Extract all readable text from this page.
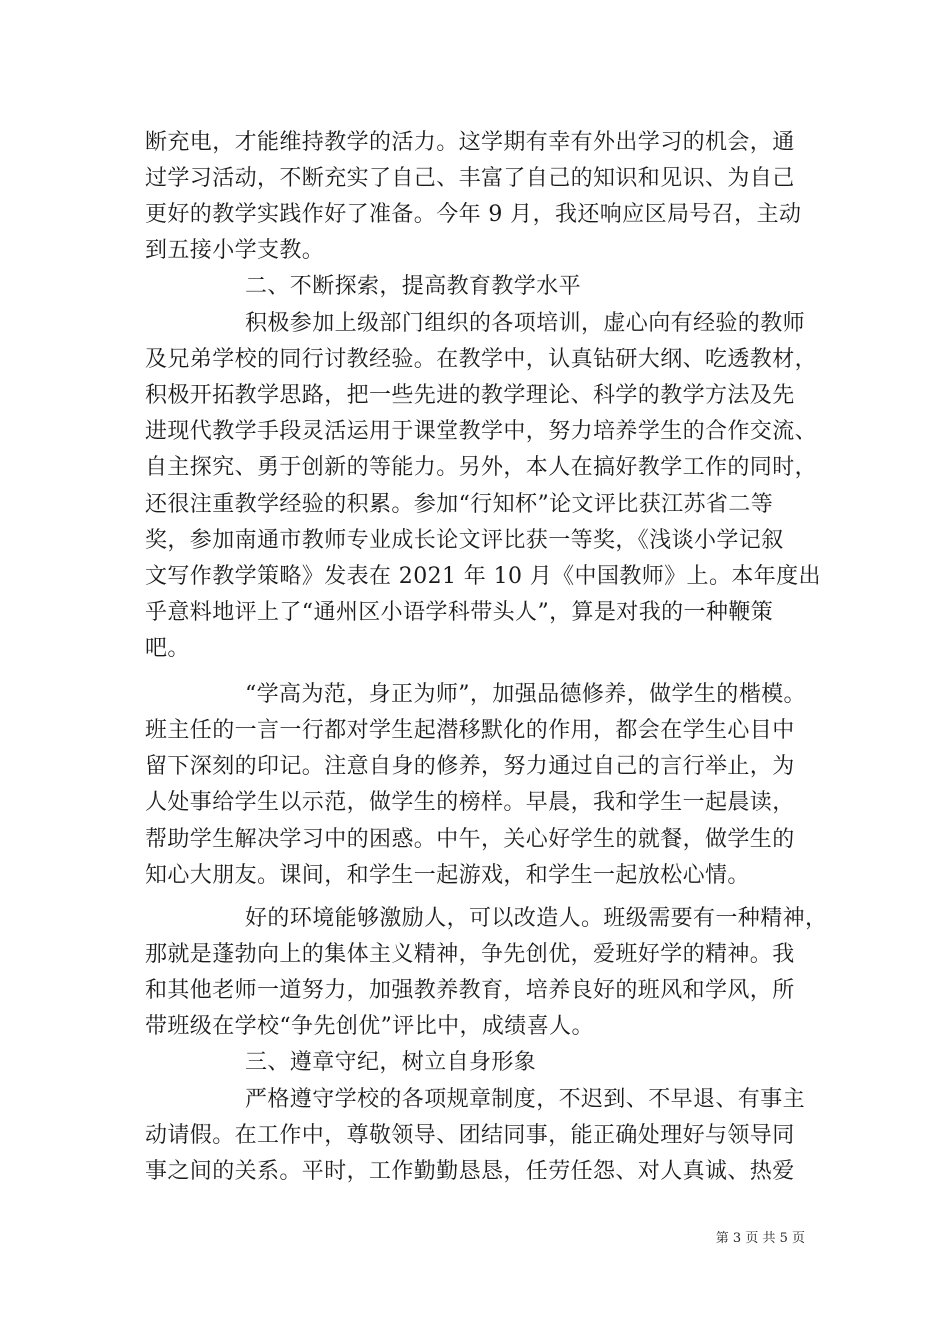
断充电，才能维持教学的活力。这学期有幸有外出学习的机会，通
过学习活动，不断充实了自己、丰富了自己的知识和见识、为自己
更好的教学实践作好了准备。今年 9 月，我还响应区局号召，主动
到五接小学支教。
二、不断探索，提高教育教学水平
积极参加上级部门组织的各项培训，虚心向有经验的教师
及兄弟学校的同行讨教经验。在教学中，认真钻研大纲、吃透教材，
积极开拓教学思路，把一些先进的教学理论、科学的教学方法及先
进现代教学手段灵活运用于课堂教学中，努力培养学生的合作交流、
自主探究、勇于创新的等能力。另外，本人在搞好教学工作的同时，
还很注重教学经验的积累。参加“行知杯”论文评比获江苏省二等
奖，参加南通市教师专业成长论文评比获一等奖，《浅谈小学记叙
文写作教学策略》发表在 2021 年 10 月《中国教师》上。本年度出
乎意料地评上了“通州区小语学科带头人”，算是对我的一种鞭策
吧。
“学高为范，身正为师”，加强品德修养，做学生的楷模。
班主任的一言一行都对学生起潜移默化的作用，都会在学生心目中
留下深刻的印记。注意自身的修养，努力通过自己的言行举止，为
人处事给学生以示范，做学生的榜样。早晨，我和学生一起晨读，
帮助学生解决学习中的困惑。中午，关心好学生的就餐，做学生的
知心大朋友。课间，和学生一起游戏，和学生一起放松心情。
好的环境能够激励人，可以改造人。班级需要有一种精神，
那就是蓬勃向上的集体主义精神，争先创优，爱班好学的精神。我
和其他老师一道努力，加强教养教育，培养良好的班风和学风，所
带班级在学校“争先创优”评比中，成绩喜人。
三、遵章守纪，树立自身形象
严格遵守学校的各项规章制度，不迟到、不早退、有事主
动请假。在工作中，尊敬领导、团结同事，能正确处理好与领导同
事之间的关系。平时，工作勤勤恳恳，任劳任怨、对人真诚、热爱
第 3 页 共 5 页
